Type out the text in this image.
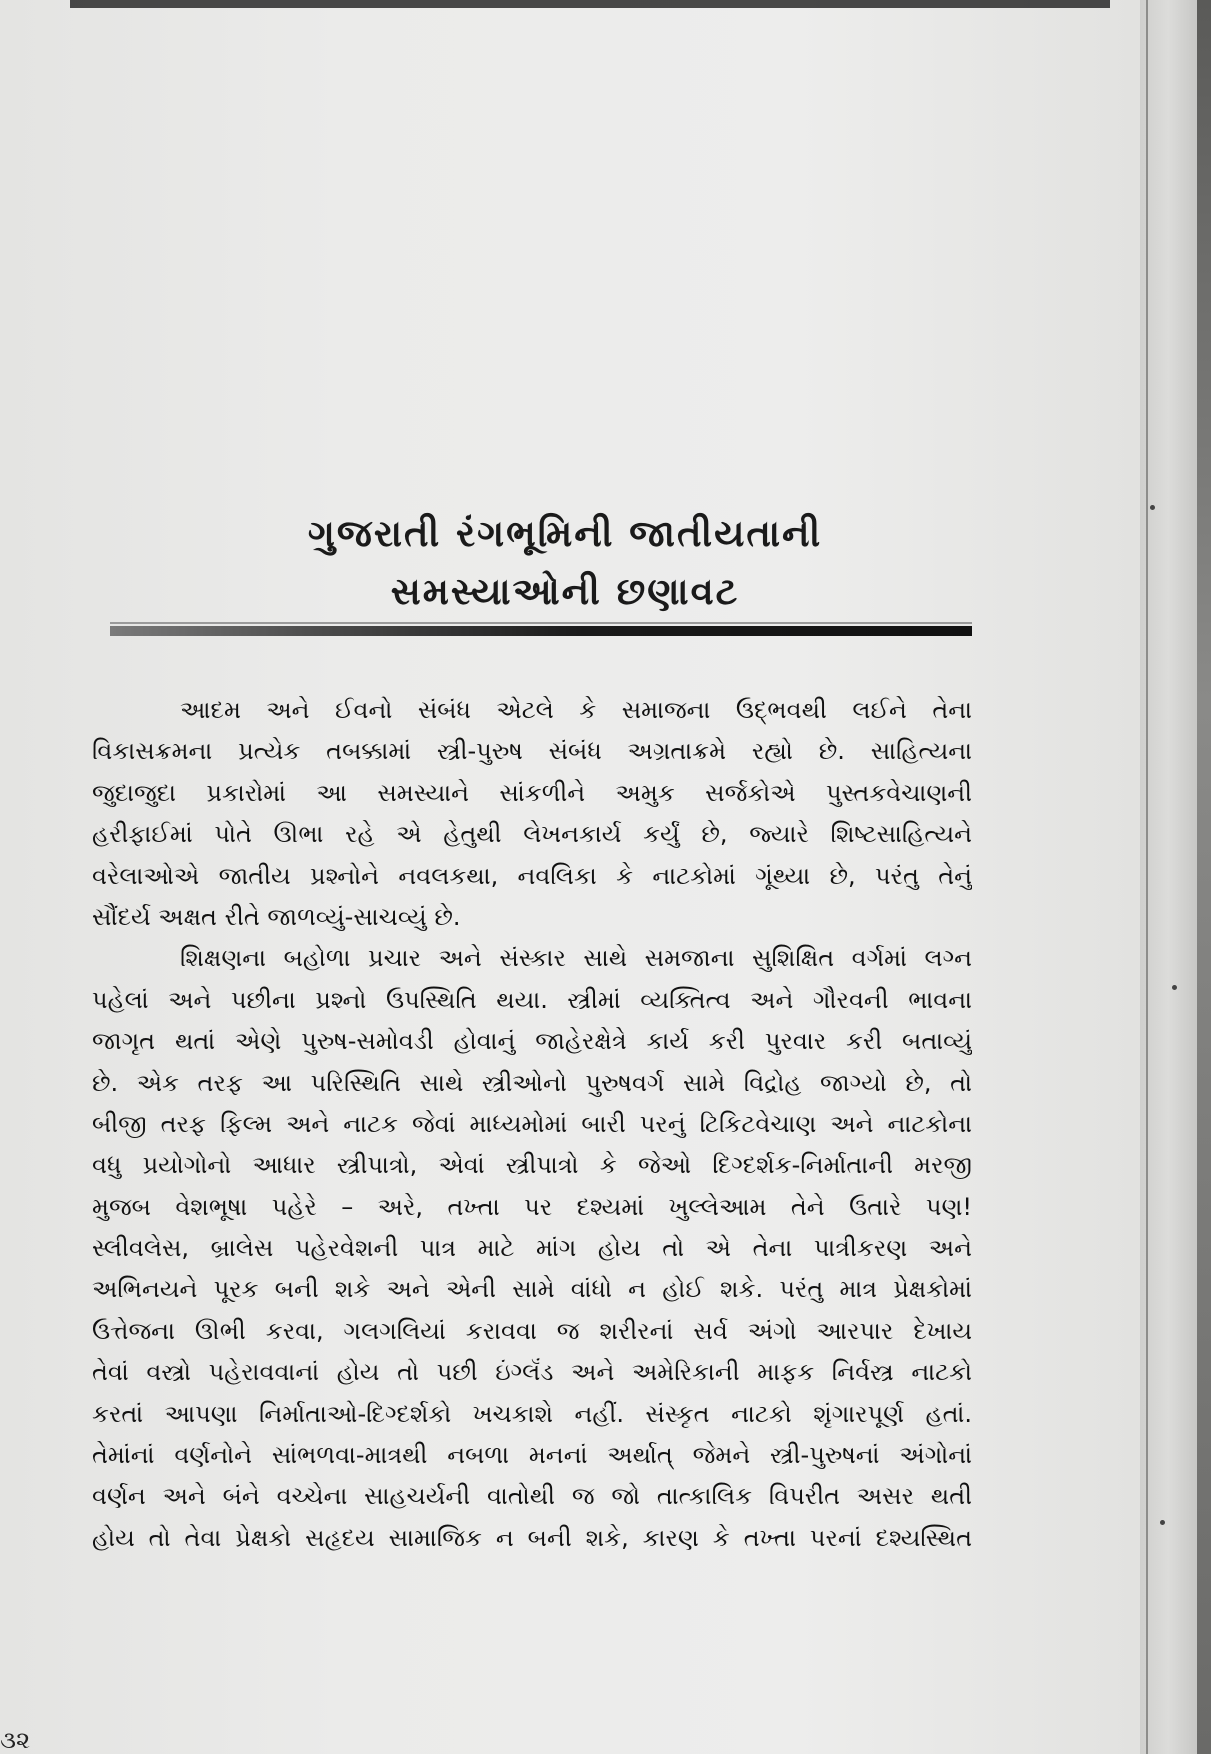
ગુજરાતી રંગભૂમિની જાતીયતાની
સમસ્યાઓની છણાવટ
આદમ અને ઈવનો સંબંધ એટલે કે સમાજના ઉદ્ભવથી લઈને તેના
વિકાસક્રમના પ્રત્યેક તબક્કામાં સ્ત્રી-પુરુષ સંબંધ અગ્રતાક્રમે રહ્યો છે. સાહિત્યના
જુદાજુદા પ્રકારોમાં આ સમસ્યાને સાંકળીને અમુક સર્જકોએ પુસ્તકવેચાણની
હરીફાઈમાં પોતે ઊભા રહે એ હેતુથી લેખનકાર્ય કર્યું છે, જ્યારે શિષ્ટસાહિત્યને
વરેલાઓએ જાતીય પ્રશ્નોને નવલકથા, નવલિકા કે નાટકોમાં ગૂંથ્યા છે, પરંતુ તેનું
સૌંદર્ય અક્ષત રીતે જાળવ્યું-સાચવ્યું છે.
શિક્ષણના બહોળા પ્રચાર અને સંસ્કાર સાથે સમજાના સુશિક્ષિત વર્ગમાં લગ્ન
પહેલાં અને પછીના પ્રશ્નો ઉપસ્થિતિ થયા. સ્ત્રીમાં વ્યક્તિત્વ અને ગૌરવની ભાવના
જાગૃત થતાં એણે પુરુષ-સમોવડી હોવાનું જાહેરક્ષેત્રે કાર્ય કરી પુરવાર કરી બતાવ્યું
છે. એક તરફ આ પરિસ્થિતિ સાથે સ્ત્રીઓનો પુરુષવર્ગ સામે વિદ્રોહ જાગ્યો છે, તો
બીજી તરફ ફિલ્મ અને નાટક જેવાં માધ્યમોમાં બારી પરનું ટિકિટવેચાણ અને નાટકોના
વધુ પ્રયોગોનો આધાર સ્ત્રીપાત્રો, એવાં સ્ત્રીપાત્રો કે જેઓ દિગ્દર્શક-નિર્માતાની મરજી
મુજબ વેશભૂષા પહેરે – અરે, તખ્તા પર દશ્યમાં ખુલ્લેઆમ તેને ઉતારે પણ!
સ્લીવલેસ, બ્રાલેસ પહેરવેશની પાત્ર માટે માંગ હોય તો એ તેના પાત્રીકરણ અને
અભિનયને પૂરક બની શકે અને એની સામે વાંધો ન હોઈ શકે. પરંતુ માત્ર પ્રેક્ષકોમાં
ઉત્તેજના ઊભી કરવા, ગલગલિયાં કરાવવા જ શરીરનાં સર્વ અંગો આરપાર દેખાય
તેવાં વસ્ત્રો પહેરાવવાનાં હોય તો પછી ઇંગ્લૅંડ અને અમેરિકાની માફક નિર્વસ્ત્ર નાટકો
કરતાં આપણા નિર્માતાઓ-દિગ્દર્શકો ખચકાશે નહીં. સંસ્કૃત નાટકો શૃંગારપૂર્ણ હતાં.
તેમાંનાં વર્ણનોને સાંભળવા-માત્રથી નબળા મનનાં અર્થાત્ જેમને સ્ત્રી-પુરુષનાં અંગોનાં
વર્ણન અને બંને વચ્ચેના સાહચર્યની વાતોથી જ જો તાત્કાલિક વિપરીત અસર થતી
હોય તો તેવા પ્રેક્ષકો સહૃદય સામાજિક ન બની શકે, કારણ કે તખ્તા પરનાં દશ્યસ્થિત
૩૨
